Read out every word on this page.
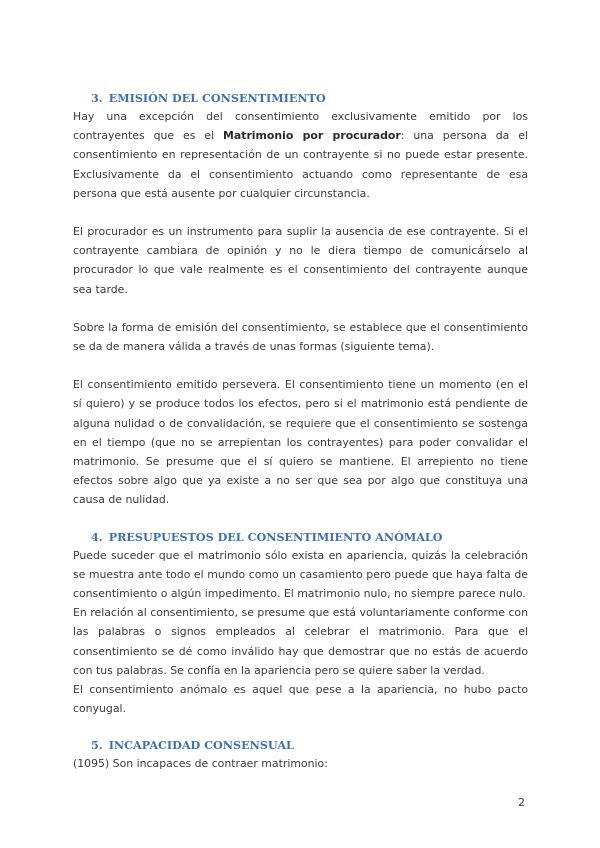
3. EMISIÓN DEL CONSENTIMIENTO

Hay una excepción del consentimiento exclusivamente emitido por los contrayentes que es el Matrimonio por procurador: una persona da el consentimiento en representación de un contrayente si no puede estar presente. Exclusivamente da el consentimiento actuando como representante de esa persona que está ausente por cualquier circunstancia.

El procurador es un instrumento para suplir la ausencia de ese contrayente. Si el contrayente cambiara de opinión y no le diera tiempo de comunicárselo al procurador lo que vale realmente es el consentimiento del contrayente aunque sea tarde.

Sobre la forma de emisión del consentimiento, se establece que el consentimiento se da de manera válida a través de unas formas (siguiente tema).

El consentimiento emitido persevera. El consentimiento tiene un momento (en el sí quiero) y se produce todos los efectos, pero si el matrimonio está pendiente de alguna nulidad o de convalidación, se requiere que el consentimiento se sostenga en el tiempo (que no se arrepientan los contrayentes) para poder convalidar el matrimonio. Se presume que el sí quiero se mantiene. El arrepiento no tiene efectos sobre algo que ya existe a no ser que sea por algo que constituya una causa de nulidad.

4. PRESUPUESTOS DEL CONSENTIMIENTO ANÓMALO

Puede suceder que el matrimonio sólo exista en apariencia, quizás la celebración se muestra ante todo el mundo como un casamiento pero puede que haya falta de consentimiento o algún impedimento. El matrimonio nulo, no siempre parece nulo.

En relación al consentimiento, se presume que está voluntariamente conforme con las palabras o signos empleados al celebrar el matrimonio. Para que el consentimiento se dé como inválido hay que demostrar que no estás de acuerdo con tus palabras. Se confía en la apariencia pero se quiere saber la verdad.

El consentimiento anómalo es aquel que pese a la apariencia, no hubo pacto conyugal.

5. INCAPACIDAD CONSENSUAL

(1095) Son incapaces de contraer matrimonio:

2
